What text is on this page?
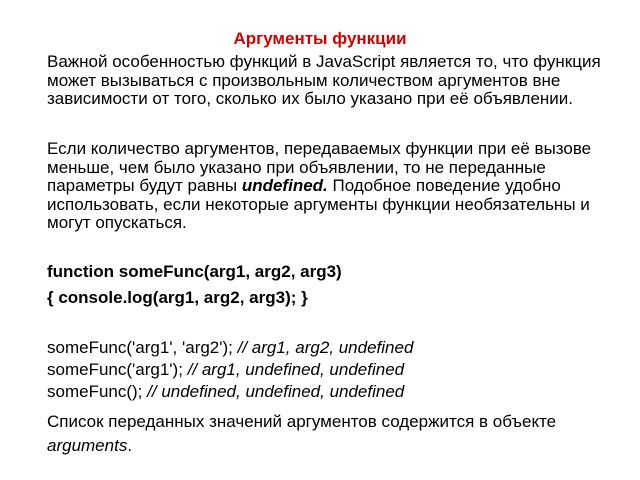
Аргументы функции
Важной особенностью функций в JavaScript является то, что функция может вызываться с произвольным количеством аргументов вне зависимости от того, сколько их было указано при её объявлении.
Если количество аргументов, передаваемых функции при её вызове меньше, чем было указано при объявлении, то не переданные параметры будут равны undefined. Подобное поведение удобно использовать, если некоторые аргументы функции необязательны и могут опускаться.
function someFunc(arg1, arg2, arg3)
{ console.log(arg1, arg2, arg3); }
someFunc('arg1', 'arg2'); // arg1, arg2, undefined
someFunc('arg1'); // arg1, undefined, undefined
someFunc(); // undefined, undefined, undefined
Список переданных значений аргументов содержится в объекте arguments.
